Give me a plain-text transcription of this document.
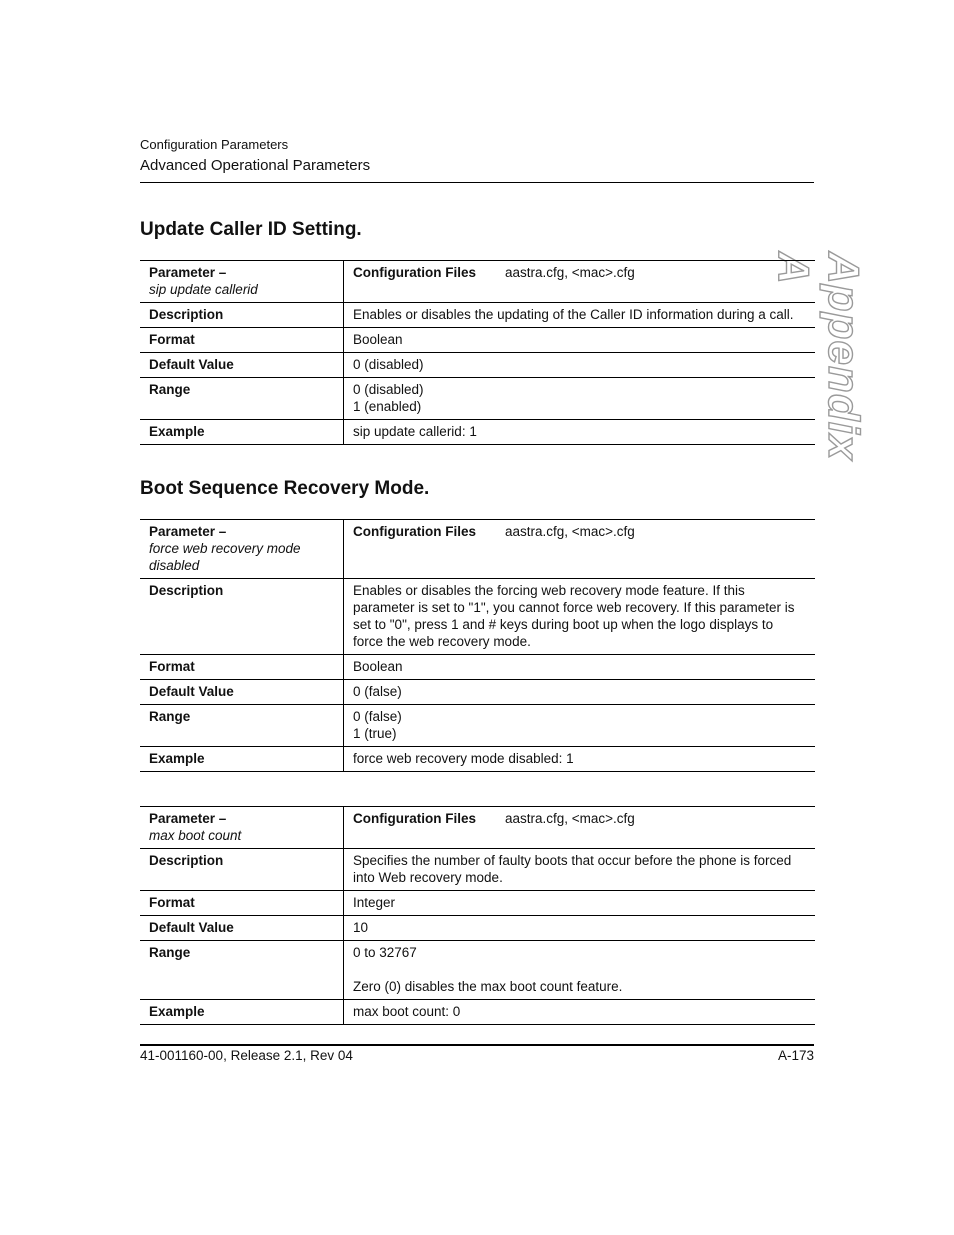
Configuration Parameters
Advanced Operational Parameters
Appendix A
Update Caller ID Setting.
Parameter –
sip update callerid	Configuration Files aastra.cfg, <mac>.cfg
Description	Enables or disables the updating of the Caller ID information during a call.
Format	Boolean
Default Value	0 (disabled)
Range	0 (disabled)
1 (enabled)

Example	sip update callerid: 1
Boot Sequence Recovery Mode.
Parameter –
force web recovery mode disabled	Configuration Files aastra.cfg, <mac>.cfg
Description	Enables or disables the forcing web recovery mode feature. If this parameter is set to "1", you cannot force web recovery. If this parameter is set to "0", press 1 and # keys during boot up when the logo displays to force the web recovery mode.
Format	Boolean
Default Value	0 (false)
Range	0 (false)
1 (true)

Example	force web recovery mode disabled: 1
Parameter –
max boot count	Configuration Files aastra.cfg, <mac>.cfg
Description	Specifies the number of faulty boots that occur before the phone is forced into Web recovery mode.
Format	Integer
Default Value	10
Range	0 to 32767
Zero (0) disables the max boot count feature.

Example	max boot count: 0
41-001160-00, Release 2.1, Rev 04	A-173
